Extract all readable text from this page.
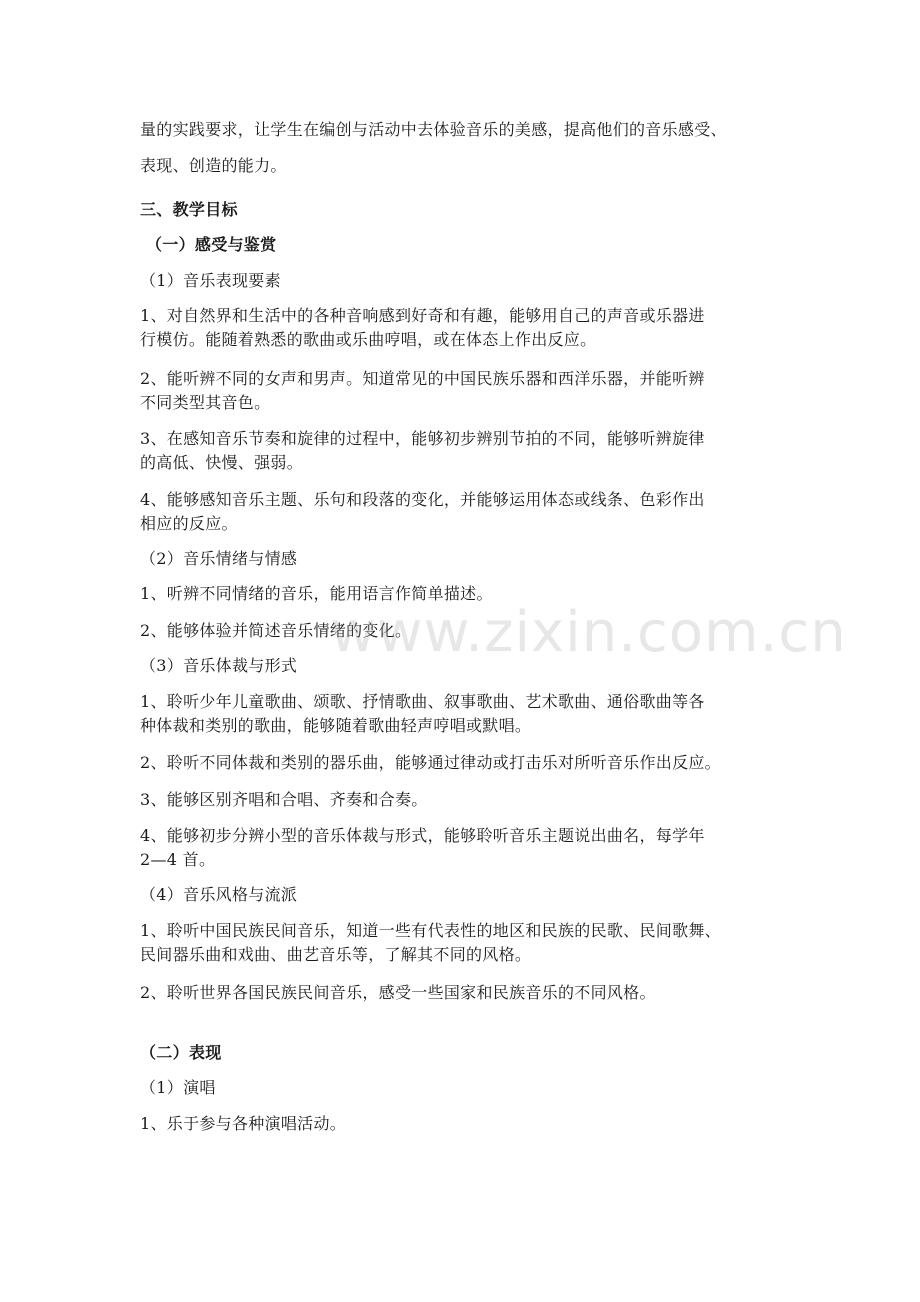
量的实践要求，让学生在编创与活动中去体验音乐的美感，提高他们的音乐感受、
表现、创造的能力。
三、教学目标
（一）感受与鉴赏
（1）音乐表现要素
1、对自然界和生活中的各种音响感到好奇和有趣，能够用自己的声音或乐器进
行模仿。能随着熟悉的歌曲或乐曲哼唱，或在体态上作出反应。
2、能听辨不同的女声和男声。知道常见的中国民族乐器和西洋乐器，并能听辨
不同类型其音色。
3、在感知音乐节奏和旋律的过程中，能够初步辨别节拍的不同，能够听辨旋律
的高低、快慢、强弱。
4、能够感知音乐主题、乐句和段落的变化，并能够运用体态或线条、色彩作出
相应的反应。
（2）音乐情绪与情感
1、听辨不同情绪的音乐，能用语言作简单描述。
2、能够体验并简述音乐情绪的变化。
（3）音乐体裁与形式
1、聆听少年儿童歌曲、颂歌、抒情歌曲、叙事歌曲、艺术歌曲、通俗歌曲等各
种体裁和类别的歌曲，能够随着歌曲轻声哼唱或默唱。
2、聆听不同体裁和类别的器乐曲，能够通过律动或打击乐对所听音乐作出反应。
3、能够区别齐唱和合唱、齐奏和合奏。
4、能够初步分辨小型的音乐体裁与形式，能够聆听音乐主题说出曲名，每学年
2—4 首。
（4）音乐风格与流派
1、聆听中国民族民间音乐，知道一些有代表性的地区和民族的民歌、民间歌舞、
民间器乐曲和戏曲、曲艺音乐等，了解其不同的风格。
2、聆听世界各国民族民间音乐，感受一些国家和民族音乐的不同风格。
（二）表现
（1）演唱
1、乐于参与各种演唱活动。
www.zixin.com.cn
